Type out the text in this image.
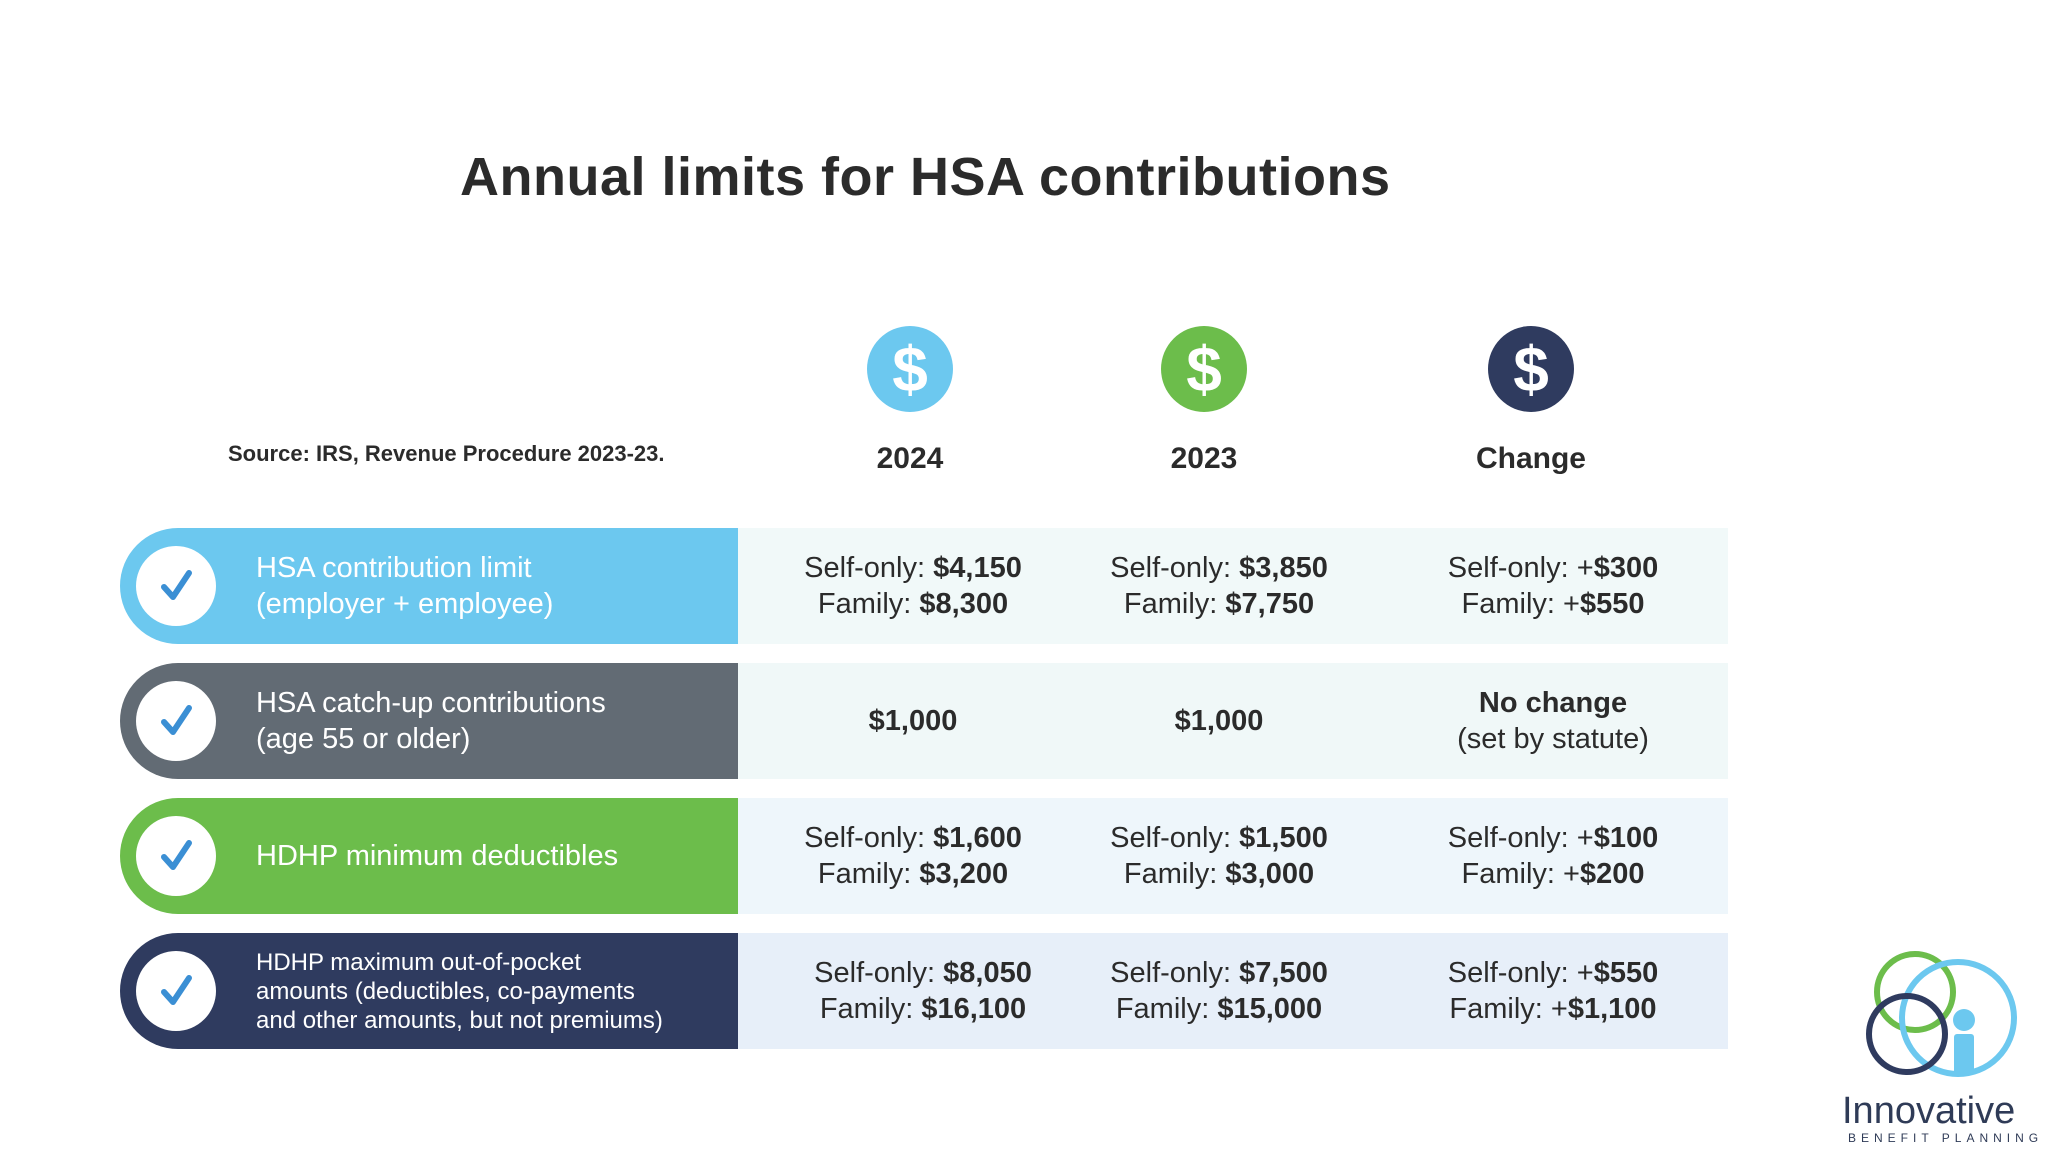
Annual limits for HSA contributions
Source: IRS, Revenue Procedure 2023-23.
$
2024
$
2023
$
Change
HSA contribution limit
(employer + employee)
Self-only: $4,150
Family: $8,300
Self-only: $3,850
Family: $7,750
Self-only: +$300
Family: +$550
HSA catch-up contributions
(age 55 or older)
$1,000	$1,000
No change
(set by statute)
HDHP minimum deductibles
Self-only: $1,600
Family: $3,200
Self-only: $1,500
Family: $3,000
Self-only: +$100
Family: +$200
HDHP maximum out-of-pocket
amounts (deductibles, co-payments
and other amounts, but not premiums)
Self-only: $8,050
Family: $16,100
Self-only: $7,500
Family: $15,000
Self-only: +$550
Family: +$1,100
Innovative
BENEFIT PLANNING
